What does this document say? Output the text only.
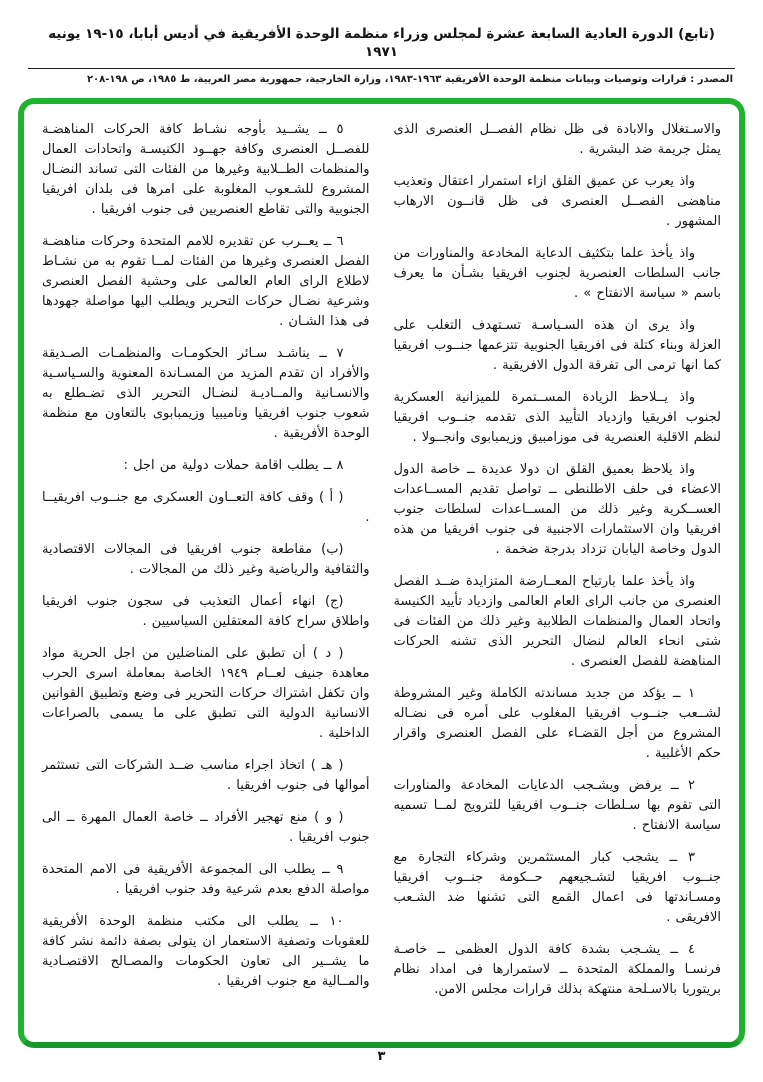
(تابع) الدورة العادية السابعة عشرة لمجلس وزراء منظمة الوحدة الأفريقية في أديس أبابا، ١٥-١٩ يونيه ١٩٧١
المصدر : قرارات وتوصيات وبيانات منظمة الوحدة الأفريقية ١٩٦٣-١٩٨٣، وزارة الخارجية، جمهورية مصر العربية، ط ١٩٨٥، ص ١٩٨-٢٠٨

والاسـتغلال والابادة فى ظل نظام الفصــل العنصرى الذى يمثل جريمة ضد البشرية .

واذ يعرب عن عميق القلق ازاء استمرار اعتقال وتعذيب مناهضى الفصــل العنصرى فى ظل قانــون الارهاب المشهور .

واذ يأخذ علما بتكثيف الدعاية المخادعة والمناورات من جانب السلطات العنصرية لجنوب افريقيا بشـأن ما يعرف باسم « سياسة الانفتاح » .

واذ يرى ان هذه السـياسـة تسـتهدف التغلب على العزلة وبناء كتلة فى افريقيا الجنوبية تتزعمها جنــوب افريقيا كما انها ترمى الى تفرقة الدول الافريقية .

واذ يــلاحظ الزيادة المســتمرة للميزانية العسكرية لجنوب افريقيا وازدياد التأييد الذى تقدمه جنــوب افريقيا لنظم الاقلية العنصرية فى موزامبيق وزيمبابوى وانجــولا .

واذ يلاحظ بعميق القلق ان دولا عديدة ــ خاصة الدول الاعضاء فى حلف الاطلنطى ــ تواصل تقديم المســاعدات العســكرية وغير ذلك من المســاعدات لسلطات جنوب افريقيا وان الاستثمارات الاجنبية فى جنوب افريقيا من هذه الدول وخاصة اليابان تزداد بدرجة ضخمة .

واذ يأخذ علما بارتياح المعــارضة المتزايدة ضــد الفصل العنصرى من جانب الراى العام العالمى وازدياد تأييد الكنيسة واتحاد العمال والمنظمات الطلابية وغير ذلك من الفئات فى شتى انحاء العالم لنضال التحرير الذى تشنه الحركات المناهضة للفصل العنصرى .

١ ــ يؤكد من جديد مساندته الكاملة وغير المشروطة لشــعب جنــوب افريقيا المغلوب على أمره فى نضـاله المشروع من أجل القضـاء على الفصل العنصرى واقرار حكم الأغلبية .

٢ ــ يرفض ويشـجب الدعايات المخادعة والمناورات التى تقوم بها سـلطات جنــوب افريقيا للترويج لمــا تسميه سياسة الانفتاح .

٣ ــ يشجب كبار المستثمرين وشركاء التجارة مع جنــوب افريقيا لتشـجيعهم حــكومة جنــوب افريقيا ومسـاندتها فى اعمال القمع التى تشنها ضد الشـعب الافريقى .

٤ ــ يشـجب بشدة كافة الدول العظمى ــ خاصـة فرنسـا والمملكة المتحدة ــ لاستمرارها فى امداد نظام بريتوريا بالاسـلحة منتهكة بذلك قرارات مجلس الامن.

٥ ــ يشــيد بأوجه نشـاط كافة الحركات المناهضـة للفصــل العنصرى وكافة جهــود الكنيسـة واتحادات العمال والمنظمات الطــلابية وغيرها من الفئات التى تساند النضـال المشروع للشـعوب المغلوبة على امرها فى بلدان افريقيا الجنوبية والتى تقاطع العنصريين فى جنوب افريقيا .

٦ ــ يعــرب عن تقديره للامم المتحدة وحركات مناهضـة الفصل العنصرى وغيرها من الفئات لمــا تقوم به من نشـاط لاطلاع الراى العام العالمى على وحشية الفصل العنصرى وشرعية نضـال حركات التحرير ويطلب اليها مواصلة جهودها فى هذا الشـان .

٧ ــ يناشـد سـائر الحكومـات والمنظمـات الصـديقة والأفراد ان تقدم المزيد من المسـاندة المعنوية والسـياسـية والانسـانية والمــاديـة لنضـال التحرير الذى تضـطلع به شعوب جنوب افريقيا وناميبيا وزيمبابوى بالتعاون مع منظمة الوحدة الأفريقية .

٨ ــ يطلب اقامة حملات دولية من اجل :

( أ ) وقف كافة التعــاون العسكرى مع جنــوب افريقيــا .

(ب) مقاطعة جنوب افريقيا فى المجالات الاقتصادية والثقافية والرياضية وغير ذلك من المجالات .

(ج) انهاء أعمال التعذيب فى سجون جنوب افريقيا واطلاق سراح كافة المعتقلين السياسيين .

( د ) أن تطبق على المناضلين من اجل الحرية مواد معاهدة جنيف لعــام ١٩٤٩ الخاصة بمعاملة اسرى الحرب وان تكفل اشتراك حركات التحرير فى وضع وتطبيق القوانين الانسانية الدولية التى تطبق على ما يسمى بالصراعات الداخلية .

( هـ ) اتخاذ اجراء مناسب ضــد الشركات التى تستثمر أموالها فى جنوب افريقيا .

( و ) منع تهجير الأفراد ــ خاصة العمال المهرة ــ الى جنوب افريقيا .

٩ ــ يطلب الى المجموعة الأفريقية فى الامم المتحدة مواصلة الدفع بعدم شرعية وفد جنوب افريقيا .

١٠ ــ يطلب الى مكتب منظمة الوحدة الأفريقية للعقوبات وتصفية الاستعمار ان يتولى بصفة دائمة نشر كافة ما يشــير الى تعاون الحكومات والمصـالح الاقتصـادية والمــالية مع جنوب افريقيا .

٣
